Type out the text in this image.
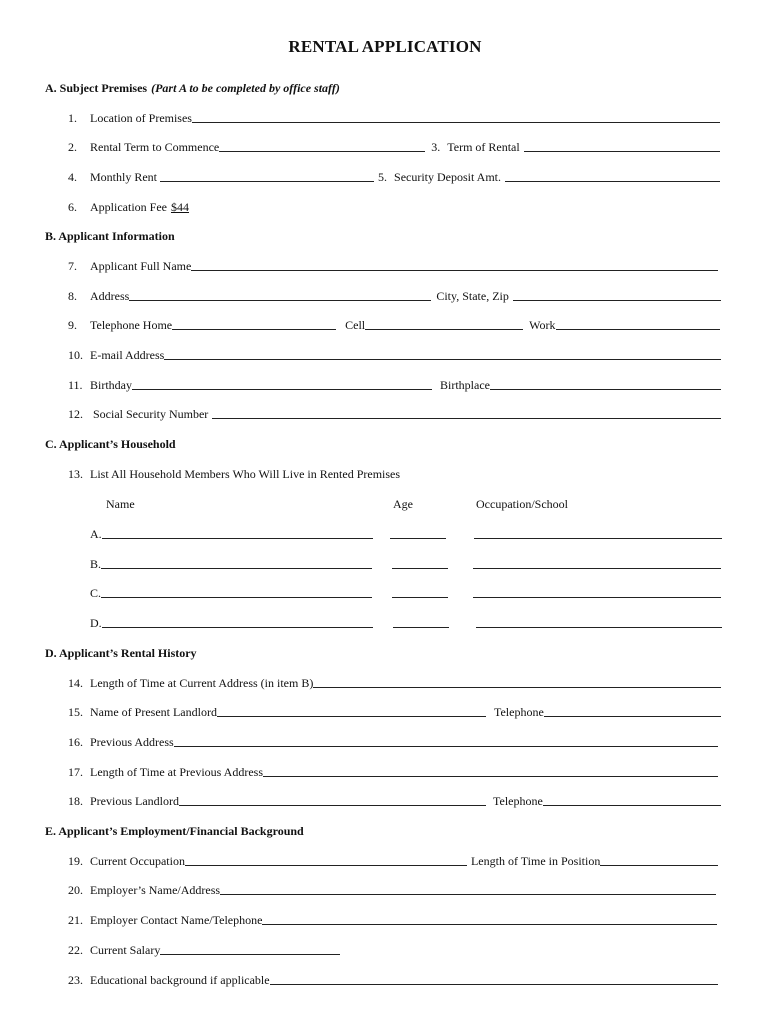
RENTAL APPLICATION
A. Subject Premises (Part A to be completed by office staff)
1.	Location of Premises
2.	Rental Term to Commence	3. Term of Rental
4.	Monthly Rent	5. Security Deposit Amt.
6.	Application Fee $44
B. Applicant Information
7.	Applicant Full Name
8.	Address	City, State, Zip
9.	Telephone Home	Cell	Work
10. E-mail Address
11. Birthday	Birthplace
12. Social Security Number
C. Applicant’s Household
13. List All Household Members Who Will Live in Rented Premises
Name	Age	Occupation/School
A.
B.
C.
D.
D. Applicant’s Rental History
14. Length of Time at Current Address (in item B)
15. Name of Present Landlord	Telephone
16. Previous Address
17. Length of Time at Previous Address
18. Previous Landlord	Telephone
E. Applicant’s Employment/Financial Background
19. Current Occupation	Length of Time in Position
20. Employer’s Name/Address
21. Employer Contact Name/Telephone
22. Current Salary
23. Educational background if applicable
